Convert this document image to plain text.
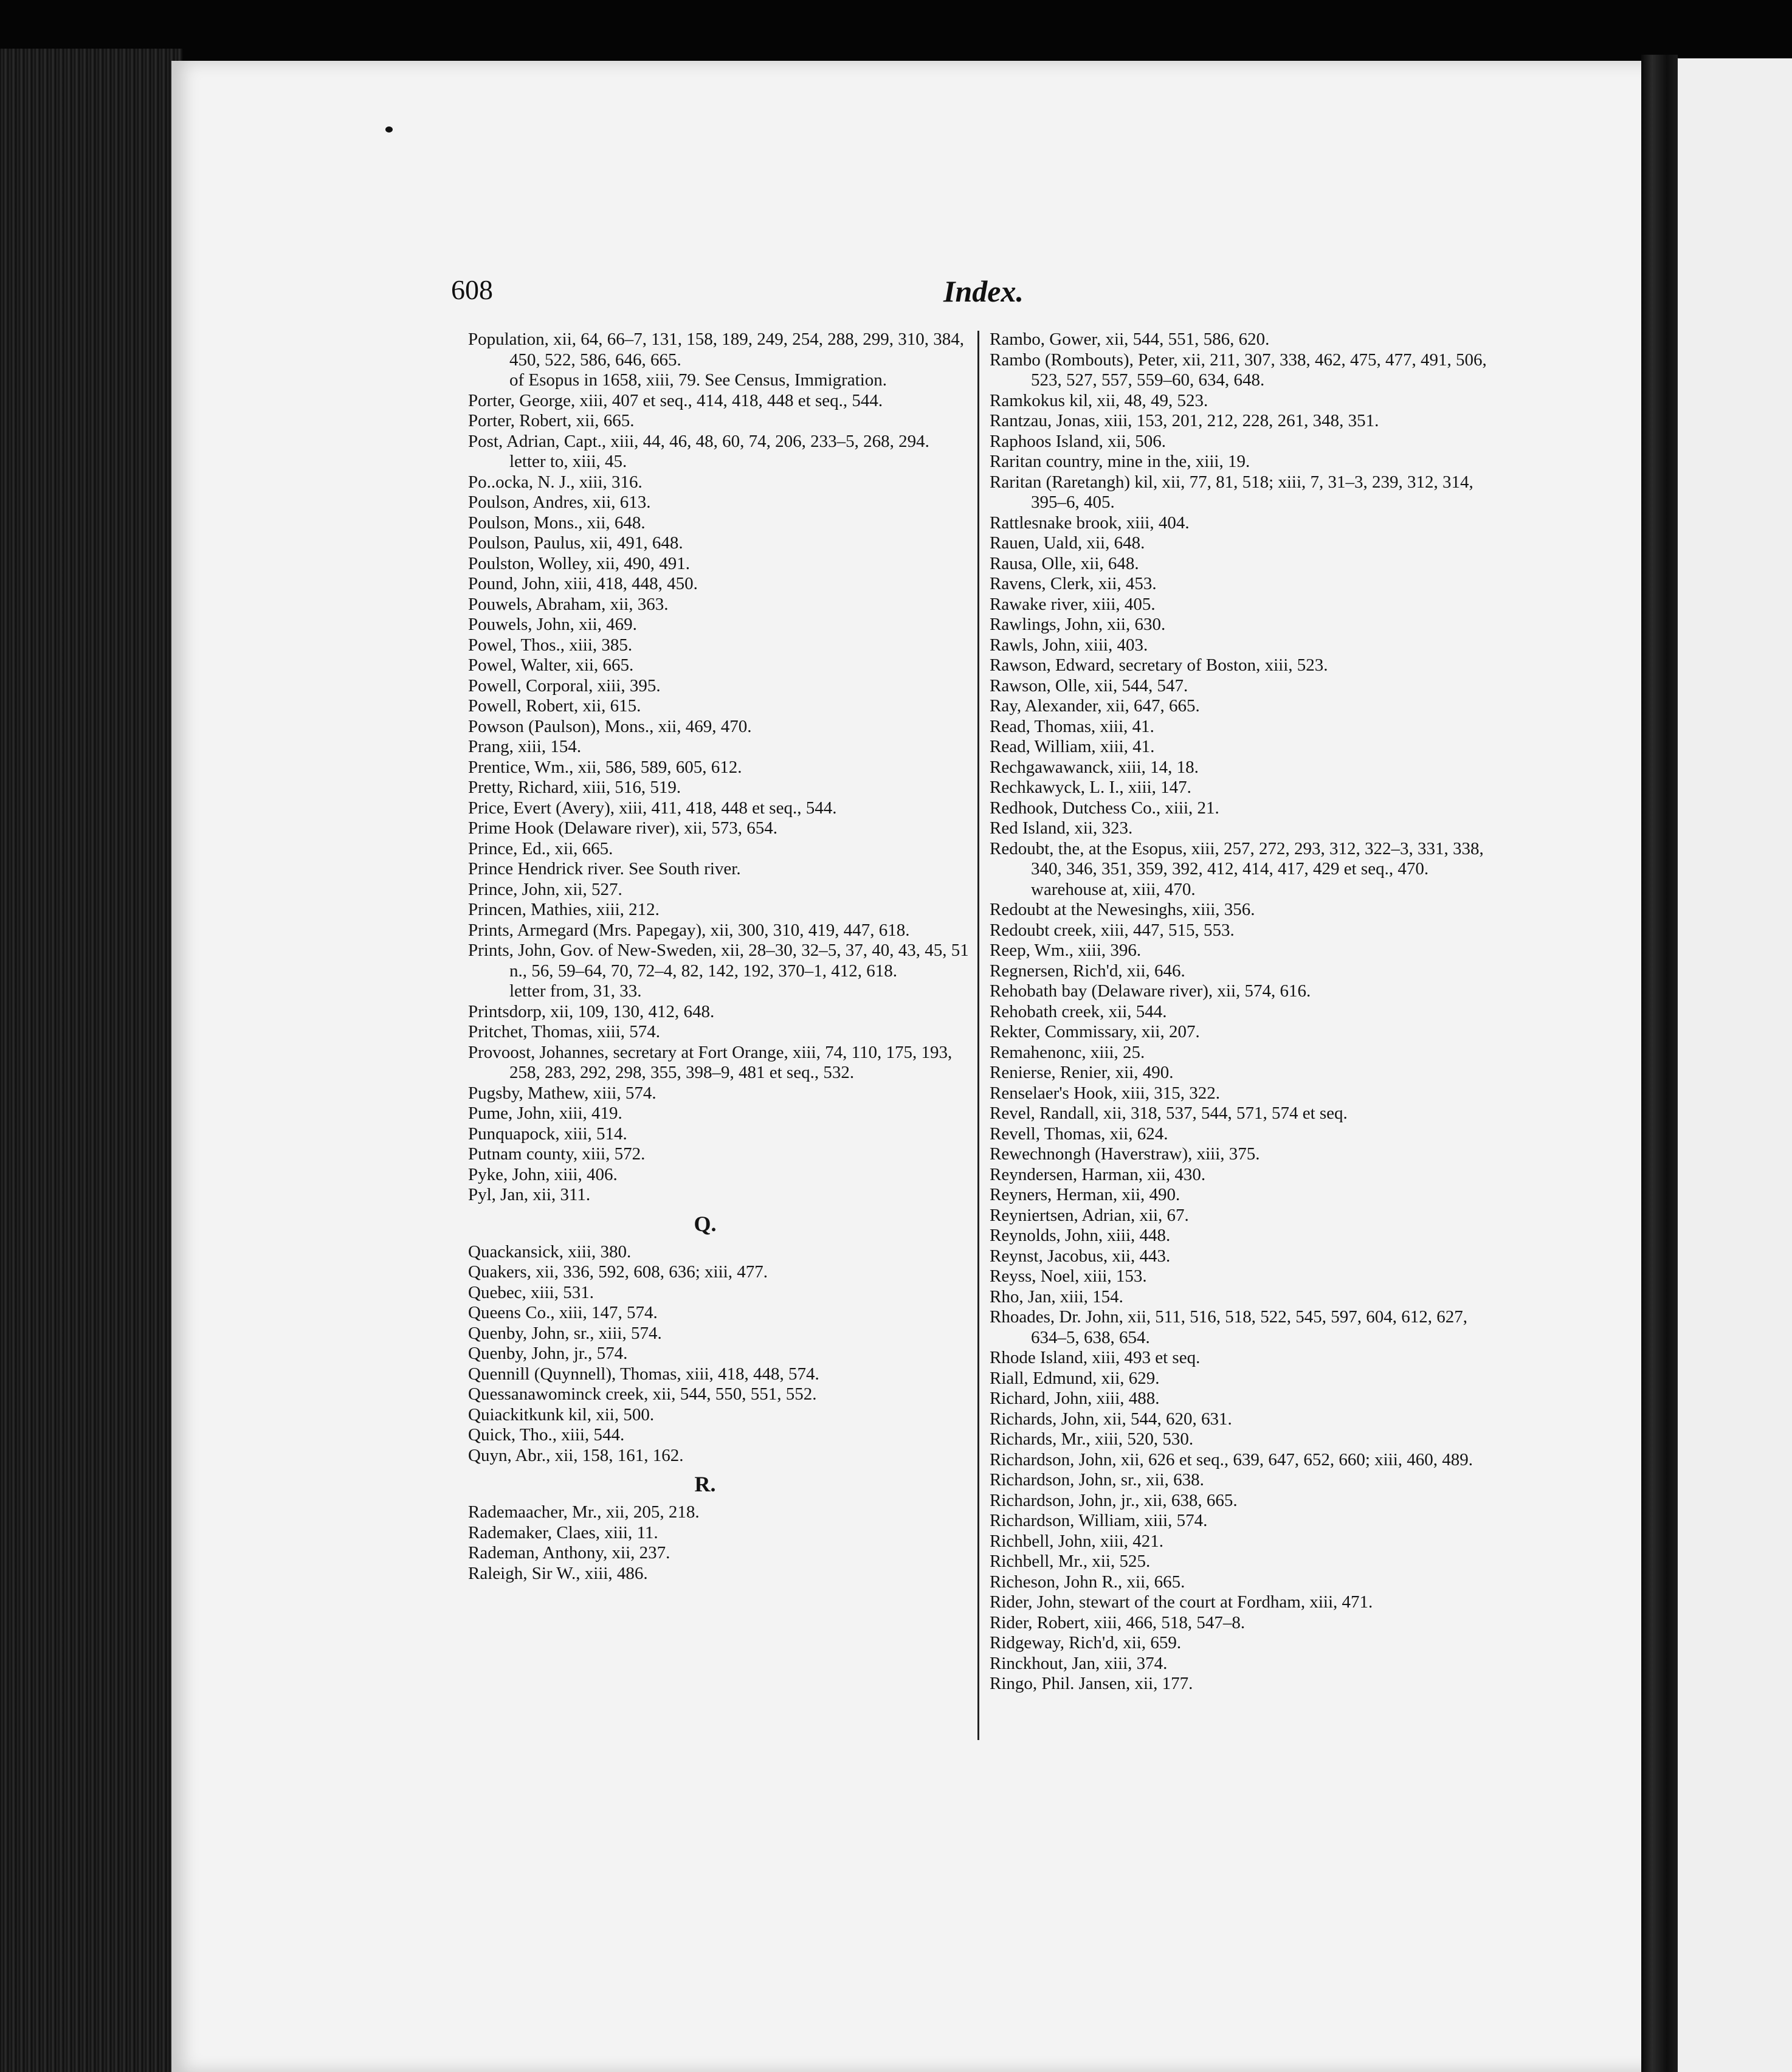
608	Index.
Population, xii, 64, 66–7, 131, 158, 189, 249, 254, 288, 299, 310, 384, 450, 522, 586, 646, 665.
of Esopus in 1658, xiii, 79. See Census, Immigration.
Porter, George, xiii, 407 et seq., 414, 418, 448 et seq., 544.
Porter, Robert, xii, 665.
Post, Adrian, Capt., xiii, 44, 46, 48, 60, 74, 206, 233–5, 268, 294.
letter to, xiii, 45.
Po..ocka, N. J., xiii, 316.
Poulson, Andres, xii, 613.
Poulson, Mons., xii, 648.
Poulson, Paulus, xii, 491, 648.
Poulston, Wolley, xii, 490, 491.
Pound, John, xiii, 418, 448, 450.
Pouwels, Abraham, xii, 363.
Pouwels, John, xii, 469.
Powel, Thos., xiii, 385.
Powel, Walter, xii, 665.
Powell, Corporal, xiii, 395.
Powell, Robert, xii, 615.
Powson (Paulson), Mons., xii, 469, 470.
Prang, xiii, 154.
Prentice, Wm., xii, 586, 589, 605, 612.
Pretty, Richard, xiii, 516, 519.
Price, Evert (Avery), xiii, 411, 418, 448 et seq., 544.
Prime Hook (Delaware river), xii, 573, 654.
Prince, Ed., xii, 665.
Prince Hendrick river. See South river.
Prince, John, xii, 527.
Princen, Mathies, xiii, 212.
Prints, Armegard (Mrs. Papegay), xii, 300, 310, 419, 447, 618.
Prints, John, Gov. of New-Sweden, xii, 28–30, 32–5, 37, 40, 43, 45, 51 n., 56, 59–64, 70, 72–4, 82, 142, 192, 370–1, 412, 618.
letter from, 31, 33.
Printsdorp, xii, 109, 130, 412, 648.
Pritchet, Thomas, xiii, 574.
Provoost, Johannes, secretary at Fort Orange, xiii, 74, 110, 175, 193, 258, 283, 292, 298, 355, 398–9, 481 et seq., 532.
Pugsby, Mathew, xiii, 574.
Pume, John, xiii, 419.
Punquapock, xiii, 514.
Putnam county, xiii, 572.
Pyke, John, xiii, 406.
Pyl, Jan, xii, 311.
Q.
Quackansick, xiii, 380.
Quakers, xii, 336, 592, 608, 636; xiii, 477.
Quebec, xiii, 531.
Queens Co., xiii, 147, 574.
Quenby, John, sr., xiii, 574.
Quenby, John, jr., 574.
Quennill (Quynnell), Thomas, xiii, 418, 448, 574.
Quessanawominck creek, xii, 544, 550, 551, 552.
Quiackitkunk kil, xii, 500.
Quick, Tho., xiii, 544.
Quyn, Abr., xii, 158, 161, 162.
R.
Rademaacher, Mr., xii, 205, 218.
Rademaker, Claes, xiii, 11.
Rademan, Anthony, xii, 237.
Raleigh, Sir W., xiii, 486.
Rambo, Gower, xii, 544, 551, 586, 620.
Rambo (Rombouts), Peter, xii, 211, 307, 338, 462, 475, 477, 491, 506, 523, 527, 557, 559–60, 634, 648.
Ramkokus kil, xii, 48, 49, 523.
Rantzau, Jonas, xiii, 153, 201, 212, 228, 261, 348, 351.
Raphoos Island, xii, 506.
Raritan country, mine in the, xiii, 19.
Raritan (Raretangh) kil, xii, 77, 81, 518; xiii, 7, 31–3, 239, 312, 314, 395–6, 405.
Rattlesnake brook, xiii, 404.
Rauen, Uald, xii, 648.
Rausa, Olle, xii, 648.
Ravens, Clerk, xii, 453.
Rawake river, xiii, 405.
Rawlings, John, xii, 630.
Rawls, John, xiii, 403.
Rawson, Edward, secretary of Boston, xiii, 523.
Rawson, Olle, xii, 544, 547.
Ray, Alexander, xii, 647, 665.
Read, Thomas, xiii, 41.
Read, William, xiii, 41.
Rechgawawanck, xiii, 14, 18.
Rechkawyck, L. I., xiii, 147.
Redhook, Dutchess Co., xiii, 21.
Red Island, xii, 323.
Redoubt, the, at the Esopus, xiii, 257, 272, 293, 312, 322–3, 331, 338, 340, 346, 351, 359, 392, 412, 414, 417, 429 et seq., 470.
warehouse at, xiii, 470.
Redoubt at the Newesinghs, xiii, 356.
Redoubt creek, xiii, 447, 515, 553.
Reep, Wm., xiii, 396.
Regnersen, Rich'd, xii, 646.
Rehobath bay (Delaware river), xii, 574, 616.
Rehobath creek, xii, 544.
Rekter, Commissary, xii, 207.
Remahenonc, xiii, 25.
Renierse, Renier, xii, 490.
Renselaer's Hook, xiii, 315, 322.
Revel, Randall, xii, 318, 537, 544, 571, 574 et seq.
Revell, Thomas, xii, 624.
Rewechnongh (Haverstraw), xiii, 375.
Reyndersen, Harman, xii, 430.
Reyners, Herman, xii, 490.
Reyniertsen, Adrian, xii, 67.
Reynolds, John, xiii, 448.
Reynst, Jacobus, xii, 443.
Reyss, Noel, xiii, 153.
Rho, Jan, xiii, 154.
Rhoades, Dr. John, xii, 511, 516, 518, 522, 545, 597, 604, 612, 627, 634–5, 638, 654.
Rhode Island, xiii, 493 et seq.
Riall, Edmund, xii, 629.
Richard, John, xiii, 488.
Richards, John, xii, 544, 620, 631.
Richards, Mr., xiii, 520, 530.
Richardson, John, xii, 626 et seq., 639, 647, 652, 660; xiii, 460, 489.
Richardson, John, sr., xii, 638.
Richardson, John, jr., xii, 638, 665.
Richardson, William, xiii, 574.
Richbell, John, xiii, 421.
Richbell, Mr., xii, 525.
Richeson, John R., xii, 665.
Rider, John, stewart of the court at Fordham, xiii, 471.
Rider, Robert, xiii, 466, 518, 547–8.
Ridgeway, Rich'd, xii, 659.
Rinckhout, Jan, xiii, 374.
Ringo, Phil. Jansen, xii, 177.
